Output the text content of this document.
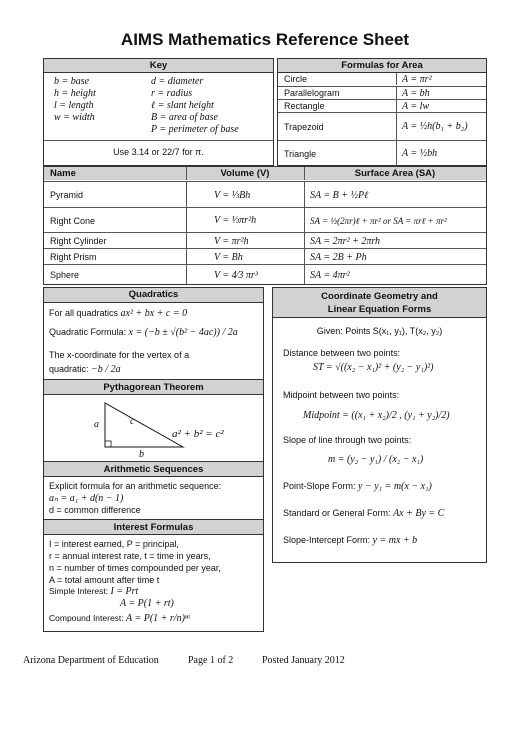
AIMS Mathematics Reference Sheet
Key
b = base
h = height
l = length
w = width
d = diameter
r = radius
ℓ = slant height
B = area of base
P = perimeter of base
Use 3.14 or 22/7 for π.
Formulas for Area
Circle	A = πr²
Parallelogram	A = bh
Rectangle	A = lw
Trapezoid	A = ½h(b₁ + b₂)
Triangle	A = ½bh
Name	Volume (V)	Surface Area (SA)
Pyramid	V = ⅓Bh	SA = B + ½Pℓ
Right Cone	V = ⅓πr²h	SA = ½(2πr)ℓ + πr² or SA = πrℓ + πr²
Right Cylinder	V = πr²h	SA = 2πr² + 2πrh
Right Prism	V = Bh	SA = 2B + Ph
Sphere	V = 4⁄3 πr³	SA = 4πr²
Quadratics
For all quadratics ax² + bx + c = 0
Quadratic Formula: x = (−b ± √(b² − 4ac)) / 2a
The x-coordinate for the vertex of a
quadratic: −b / 2a
Pythagorean Theorem
a	c
b
a² + b² = c²
Arithmetic Sequences
Explicit formula for an arithmetic sequence:
aₙ = a₁ + d(n − 1)
d = common difference
Interest Formulas
I = interest earned, P = principal,
r = annual interest rate, t = time in years,
n = number of times compounded per year,
A = total amount after time t
Simple Interest: I = Prt
A = P(1 + rt)
Compound Interest: A = P(1 + r/n)ⁿᵗ
Coordinate Geometry and
Linear Equation Forms
Given: Points S(x₁, y₁), T(x₂, y₂)
Distance between two points:
ST = √((x₂ − x₁)² + (y₂ − y₁)²)
Midpoint between two points:
Midpoint = ((x₁ + x₂)/2 , (y₁ + y₂)/2)
Slope of line through two points:
m = (y₂ − y₁) / (x₂ − x₁)
Point-Slope Form: y − y₁ = m(x − x₁)
Standard or General Form: Ax + By = C
Slope-Intercept Form: y = mx + b
Arizona Department of Education	Page 1 of 2	Posted January 2012
